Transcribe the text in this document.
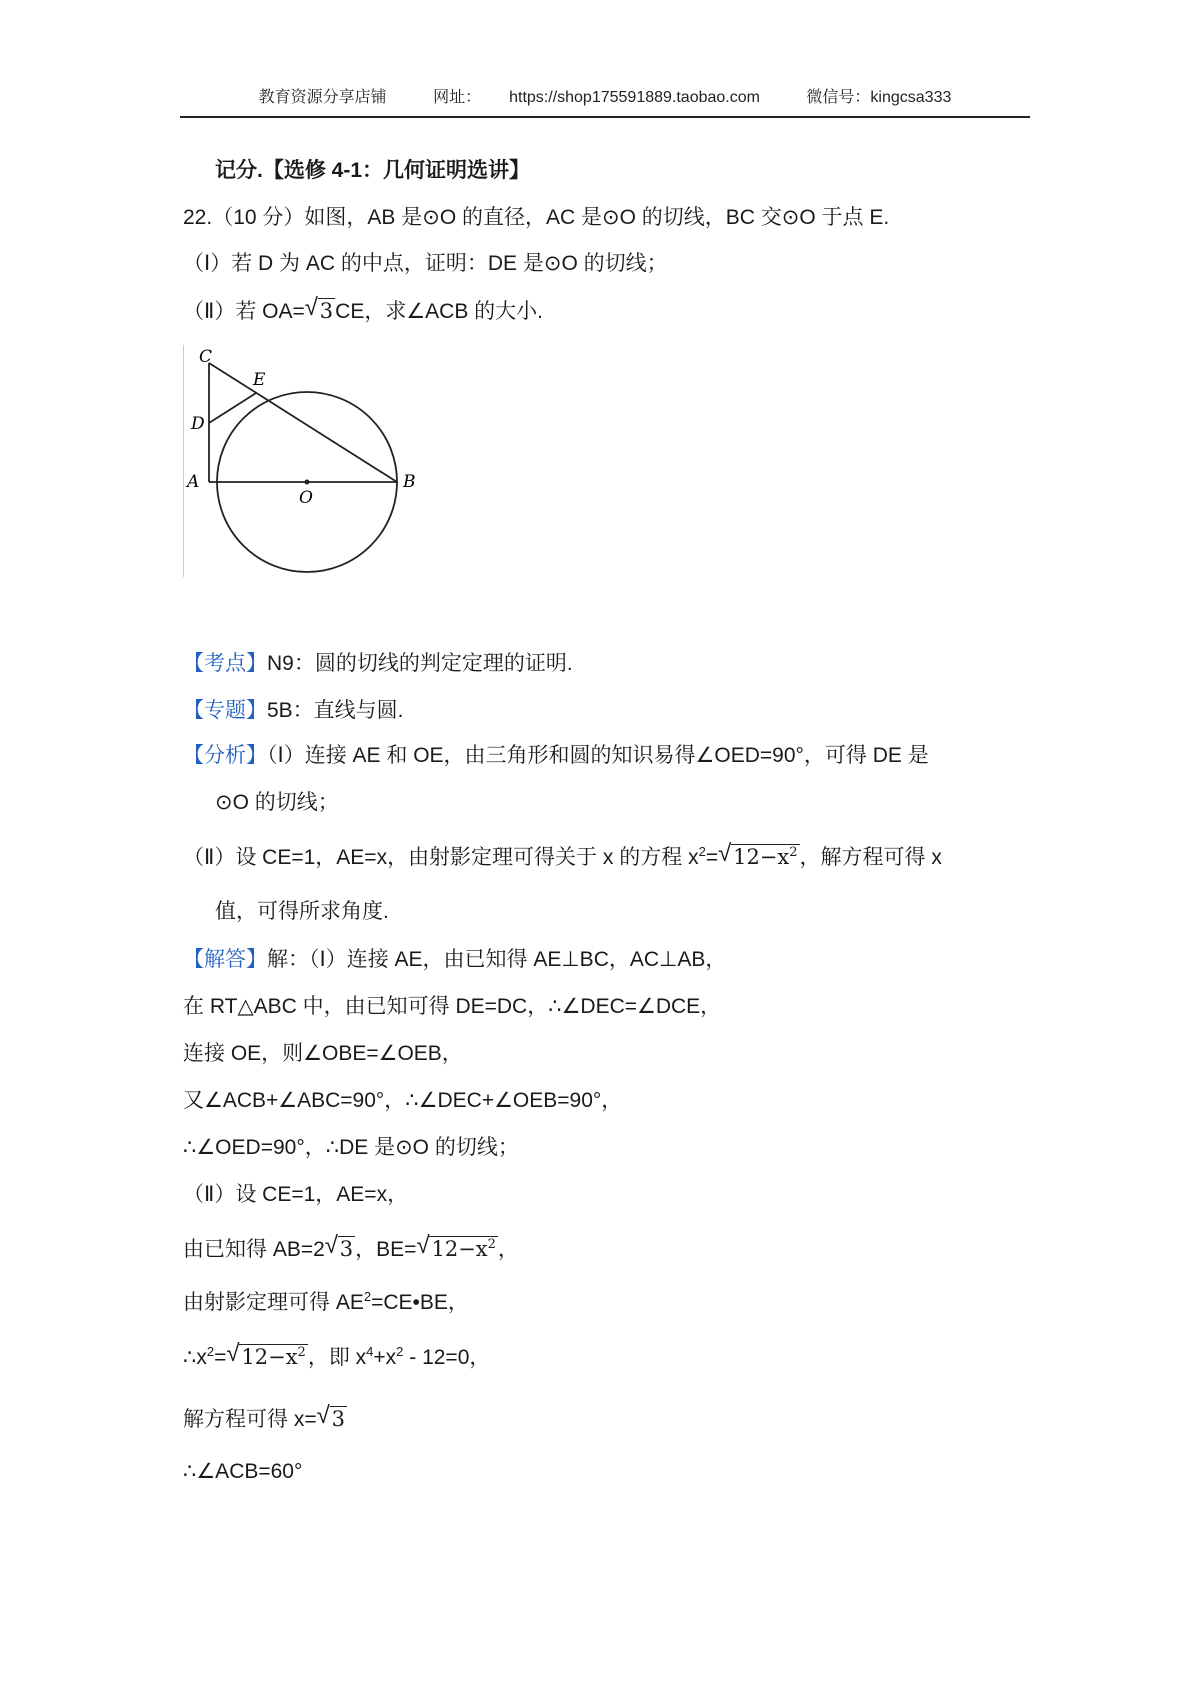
教育资源分享店铺	网址： https://shop175591889.taobao.com	微信号：kingcsa333
记分.【选修 4-1：几何证明选讲】
22.（10 分）如图，AB 是⊙O 的直径，AC 是⊙O 的切线，BC 交⊙O 于点 E.
（Ⅰ）若 D 为 AC 的中点，证明：DE 是⊙O 的切线；
（Ⅱ）若 OA= √ 3CE，求∠ACB 的大小.
C
E
D
A
O
B
【考点】N9：圆的切线的判定定理的证明.
【专题】5B：直线与圆.
【分析】（Ⅰ）连接 AE 和 OE，由三角形和圆的知识易得∠OED=90°，可得 DE 是
⊙O 的切线；
（Ⅱ）设 CE=1，AE=x，由射影定理可得关于 x 的方程 $x^2=$ √ $12-x^2$，解方程可得 x
值，可得所求角度.
【解答】解：（Ⅰ）连接 AE，由已知得 AE⊥BC，AC⊥AB，
在 RT△ABC 中，由已知可得 DE=DC，∴∠DEC=∠DCE，
连接 OE，则∠OBE=∠OEB，
又∠ACB+∠ABC=90°，∴∠DEC+∠OEB=90°，
∴∠OED=90°，∴DE 是⊙O 的切线；
（Ⅱ）设 CE=1，AE=x，
由已知得 AB=2 √ 3，BE= √ $12-x^2$，
由射影定理可得 $AE^2=CE•BE$，
$\therefore x^2=$ √ $12-x^2$，即 $x^4+x^2$ ‐ 12=0，
解方程可得 x= √ 3
∴∠ACB=60°
